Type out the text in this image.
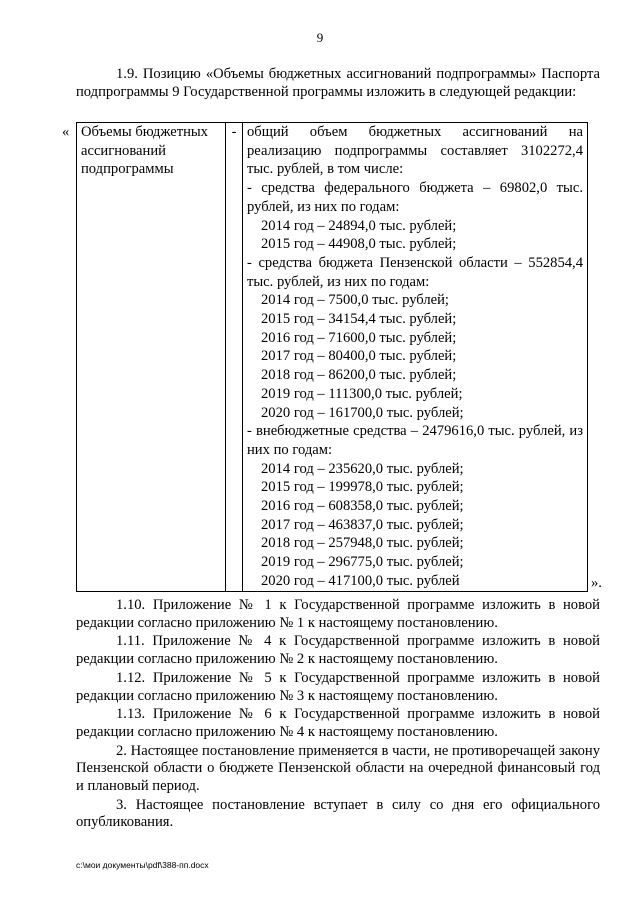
9

1.9. Позицию «Объемы бюджетных ассигнований подпрограммы» Паспорта подпрограммы 9 Государственной программы изложить в следующей редакции:

« Объемы бюджетных
ассигнований
подпрограммы
	-	общий объем бюджетных ассигнований на реализацию подпрограммы составляет 3102272,4 тыс. рублей, в том числе:
- средства федерального бюджета – 69802,0 тыс. рублей, из них по годам:
2014 год – 24894,0 тыс. рублей;
2015 год – 44908,0 тыс. рублей;
- средства бюджета Пензенской области – 552854,4 тыс. рублей, из них по годам:
2014 год – 7500,0 тыс. рублей;
2015 год – 34154,4 тыс. рублей;
2016 год – 71600,0 тыс. рублей;
2017 год – 80400,0 тыс. рублей;
2018 год – 86200,0 тыс. рублей;
2019 год – 111300,0 тыс. рублей;
2020 год – 161700,0 тыс. рублей;
- внебюджетные средства – 2479616,0 тыс. рублей, из них по годам:
2014 год – 235620,0 тыс. рублей;
2015 год – 199978,0 тыс. рублей;
2016 год – 608358,0 тыс. рублей;
2017 год – 463837,0 тыс. рублей;
2018 год – 257948,0 тыс. рублей;
2019 год – 296775,0 тыс. рублей;
2020 год – 417100,0 тыс. рублей	».

1.10. Приложение № 1 к Государственной программе изложить в новой редакции согласно приложению № 1 к настоящему постановлению.

1.11. Приложение № 4 к Государственной программе изложить в новой редакции согласно приложению № 2 к настоящему постановлению.

1.12. Приложение № 5 к Государственной программе изложить в новой редакции согласно приложению № 3 к настоящему постановлению.

1.13. Приложение № 6 к Государственной программе изложить в новой редакции согласно приложению № 4 к настоящему постановлению.

2. Настоящее постановление применяется в части, не противоречащей закону Пензенской области о бюджете Пензенской области на очередной финансовый год и плановый период.

3. Настоящее постановление вступает в силу со дня его официального опубликования.

c:\мои документы\pdf\388-пп.docx
